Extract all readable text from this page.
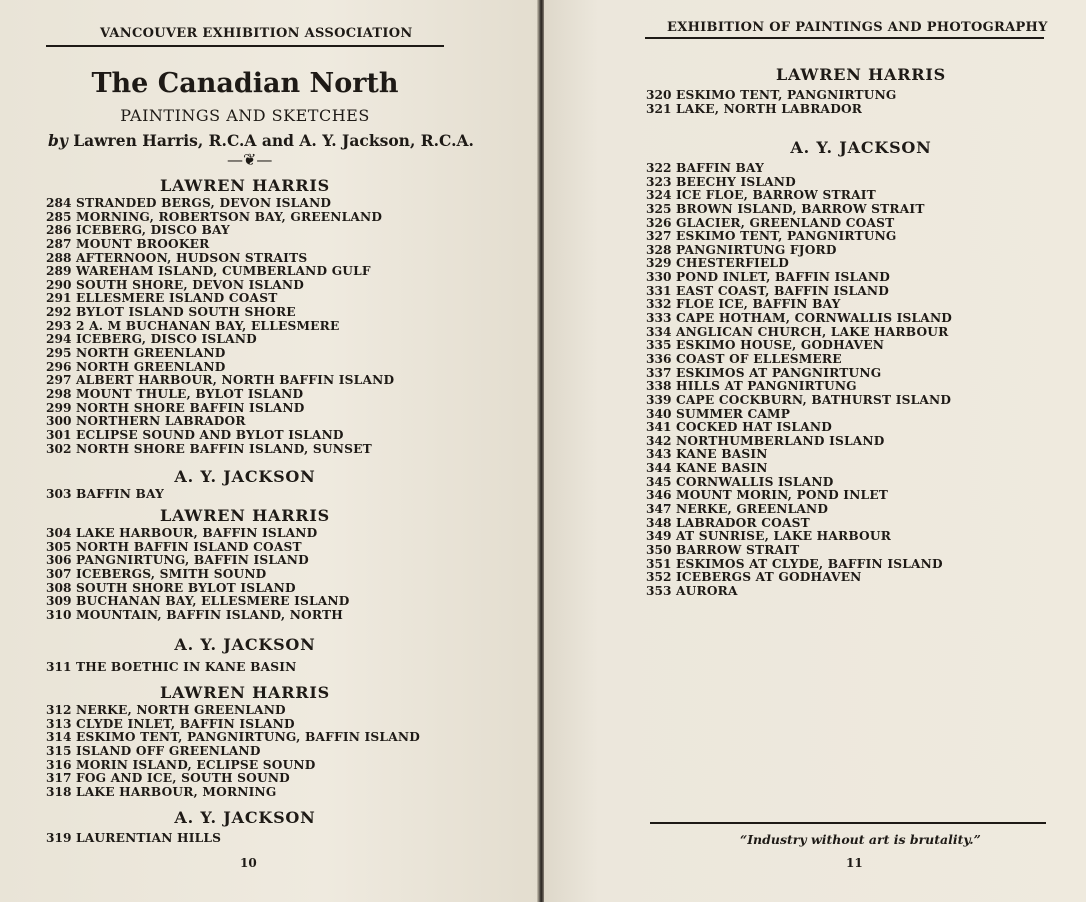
VANCOUVER EXHIBITION ASSOCIATION
The Canadian North
PAINTINGS AND SKETCHES
by Lawren Harris, R.C.A and A. Y. Jackson, R.C.A.
—❦—
LAWREN HARRIS
284 STRANDED BERGS, DEVON ISLAND
285 MORNING, ROBERTSON BAY, GREENLAND
286 ICEBERG, DISCO BAY
287 MOUNT BROOKER
288 AFTERNOON, HUDSON STRAITS
289 WAREHAM ISLAND, CUMBERLAND GULF
290 SOUTH SHORE, DEVON ISLAND
291 ELLESMERE ISLAND COAST
292 BYLOT ISLAND SOUTH SHORE
293 2 A. M BUCHANAN BAY, ELLESMERE
294 ICEBERG, DISCO ISLAND
295 NORTH GREENLAND
296 NORTH GREENLAND
297 ALBERT HARBOUR, NORTH BAFFIN ISLAND
298 MOUNT THULE, BYLOT ISLAND
299 NORTH SHORE BAFFIN ISLAND
300 NORTHERN LABRADOR
301 ECLIPSE SOUND AND BYLOT ISLAND
302 NORTH SHORE BAFFIN ISLAND, SUNSET
A. Y. JACKSON
303 BAFFIN BAY
LAWREN HARRIS
304 LAKE HARBOUR, BAFFIN ISLAND
305 NORTH BAFFIN ISLAND COAST
306 PANGNIRTUNG, BAFFIN ISLAND
307 ICEBERGS, SMITH SOUND
308 SOUTH SHORE BYLOT ISLAND
309 BUCHANAN BAY, ELLESMERE ISLAND
310 MOUNTAIN, BAFFIN ISLAND, NORTH
A. Y. JACKSON
311 THE BOETHIC IN KANE BASIN
LAWREN HARRIS
312 NERKE, NORTH GREENLAND
313 CLYDE INLET, BAFFIN ISLAND
314 ESKIMO TENT, PANGNIRTUNG, BAFFIN ISLAND
315 ISLAND OFF GREENLAND
316 MORIN ISLAND, ECLIPSE SOUND
317 FOG AND ICE, SOUTH SOUND
318 LAKE HARBOUR, MORNING
A. Y. JACKSON
319 LAURENTIAN HILLS
10
EXHIBITION OF PAINTINGS AND PHOTOGRAPHY
LAWREN HARRIS
320 ESKIMO TENT, PANGNIRTUNG
321 LAKE, NORTH LABRADOR
A. Y. JACKSON
322 BAFFIN BAY
323 BEECHY ISLAND
324 ICE FLOE, BARROW STRAIT
325 BROWN ISLAND, BARROW STRAIT
326 GLACIER, GREENLAND COAST
327 ESKIMO TENT, PANGNIRTUNG
328 PANGNIRTUNG FJORD
329 CHESTERFIELD
330 POND INLET, BAFFIN ISLAND
331 EAST COAST, BAFFIN ISLAND
332 FLOE ICE, BAFFIN BAY
333 CAPE HOTHAM, CORNWALLIS ISLAND
334 ANGLICAN CHURCH, LAKE HARBOUR
335 ESKIMO HOUSE, GODHAVEN
336 COAST OF ELLESMERE
337 ESKIMOS AT PANGNIRTUNG
338 HILLS AT PANGNIRTUNG
339 CAPE COCKBURN, BATHURST ISLAND
340 SUMMER CAMP
341 COCKED HAT ISLAND
342 NORTHUMBERLAND ISLAND
343 KANE BASIN
344 KANE BASIN
345 CORNWALLIS ISLAND
346 MOUNT MORIN, POND INLET
347 NERKE, GREENLAND
348 LABRADOR COAST
349 AT SUNRISE, LAKE HARBOUR
350 BARROW STRAIT
351 ESKIMOS AT CLYDE, BAFFIN ISLAND
352 ICEBERGS AT GODHAVEN
353 AURORA
“Industry without art is brutality.”
11
